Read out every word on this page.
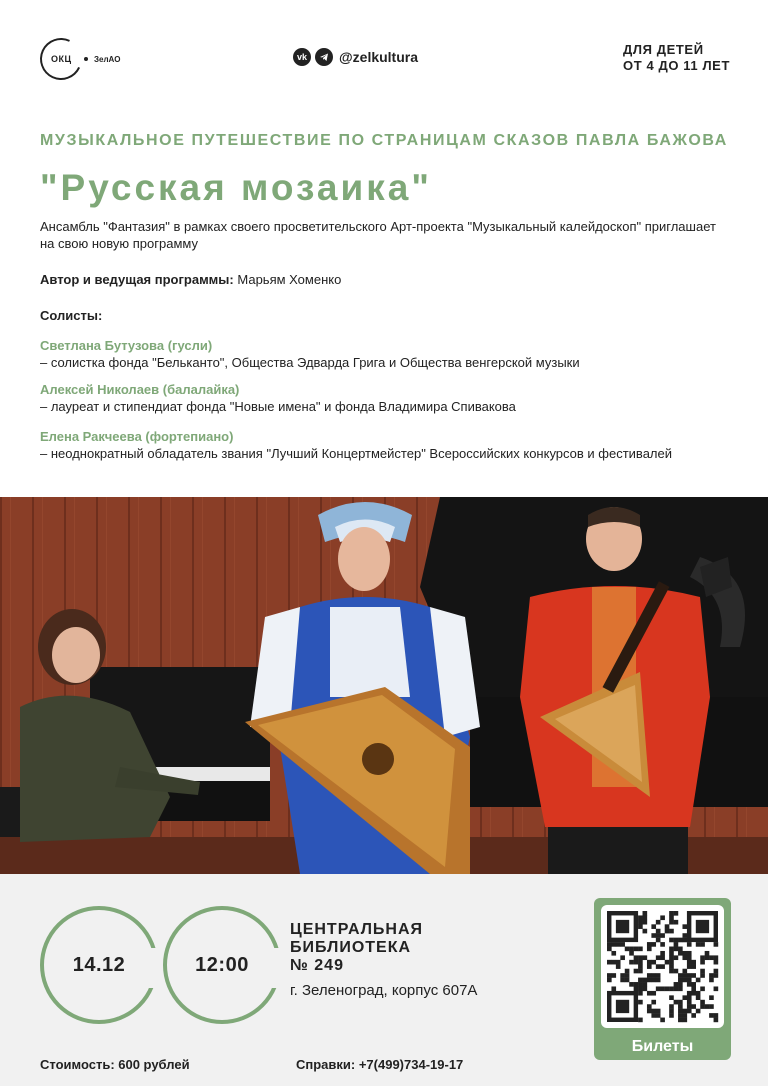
ОКЦ	ЗелАО	vk @zelkultura	ДЛЯ ДЕТЕЙ
ОТ 4 ДО 11 ЛЕТ
МУЗЫКАЛЬНОЕ ПУТЕШЕСТВИЕ ПО СТРАНИЦАМ СКАЗОВ ПАВЛА БАЖОВА
"Русская мозаика"
Ансамбль "Фантазия" в рамках своего просветительского Арт-проекта "Музыкальный калейдоскоп" приглашает на свою новую программу
Автор и ведущая программы: Марьям Хоменко
Солисты:
Светлана Бутузова (гусли)
– солистка фонда "Бельканто", Общества Эдварда Грига и Общества венгерской музыки
Алексей Николаев (балалайка)
– лауреат и стипендиат фонда "Новые имена" и фонда Владимира Спивакова
Елена Ракчеева (фортепиано)
– неоднократный обладатель звания "Лучший Концертмейстер" Всероссийских конкурсов и фестивалей
14.12	12:00
ЦЕНТРАЛЬНАЯ
БИБЛИОТЕКА
№ 249
г. Зеленоград, корпус 607А
Билеты
Стоимость: 600 рублей	Справки: +7(499)734-19-17
